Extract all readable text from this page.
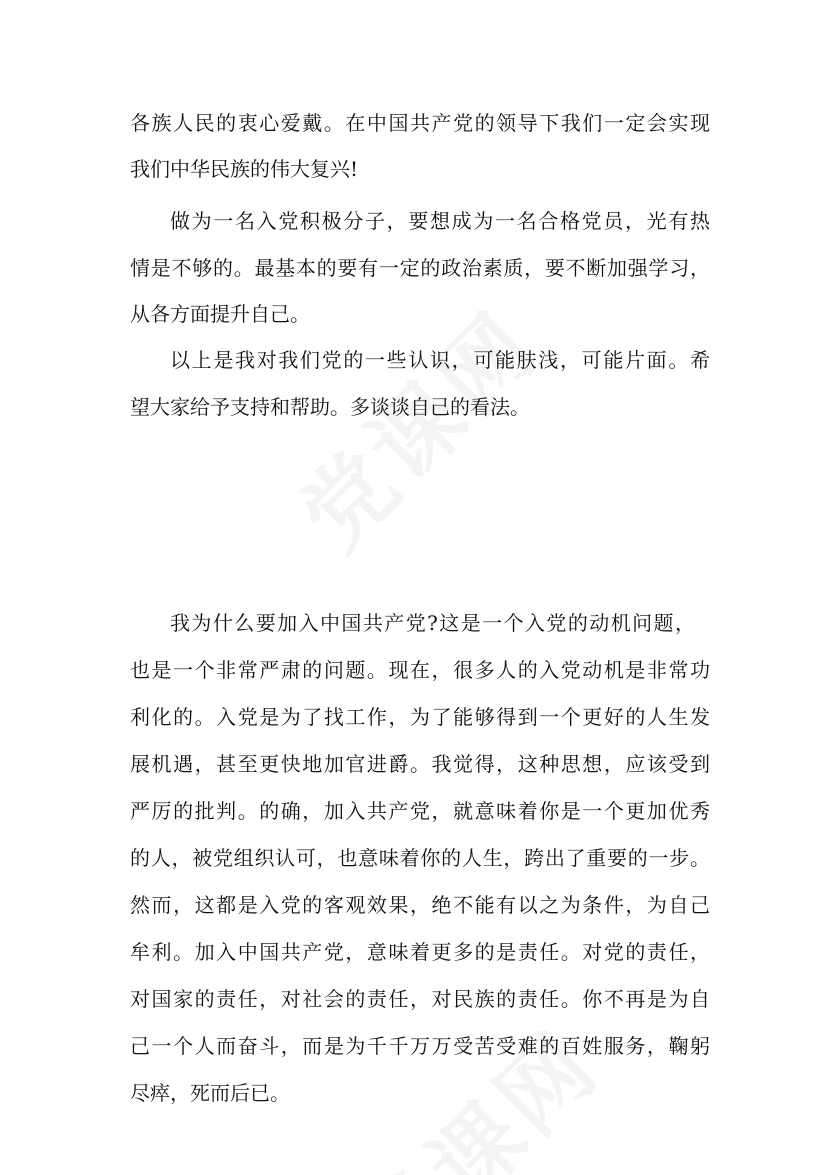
各族人民的衷心爱戴。在中国共产党的领导下我们一定会实现
我们中华民族的伟大复兴!
做为一名入党积极分子，要想成为一名合格党员，光有热
情是不够的。最基本的要有一定的政治素质，要不断加强学习，
从各方面提升自己。
以上是我对我们党的一些认识，可能肤浅，可能片面。希
望大家给予支持和帮助。多谈谈自己的看法。
我为什么要加入中国共产党?这是一个入党的动机问题，
也是一个非常严肃的问题。现在，很多人的入党动机是非常功
利化的。入党是为了找工作，为了能够得到一个更好的人生发
展机遇，甚至更快地加官进爵。我觉得，这种思想，应该受到
严厉的批判。的确，加入共产党，就意味着你是一个更加优秀
的人，被党组织认可，也意味着你的人生，跨出了重要的一步。
然而，这都是入党的客观效果，绝不能有以之为条件，为自己
牟利。加入中国共产党，意味着更多的是责任。对党的责任，
对国家的责任，对社会的责任，对民族的责任。你不再是为自
己一个人而奋斗，而是为千千万万受苦受难的百姓服务，鞠躬
尽瘁，死而后已。
